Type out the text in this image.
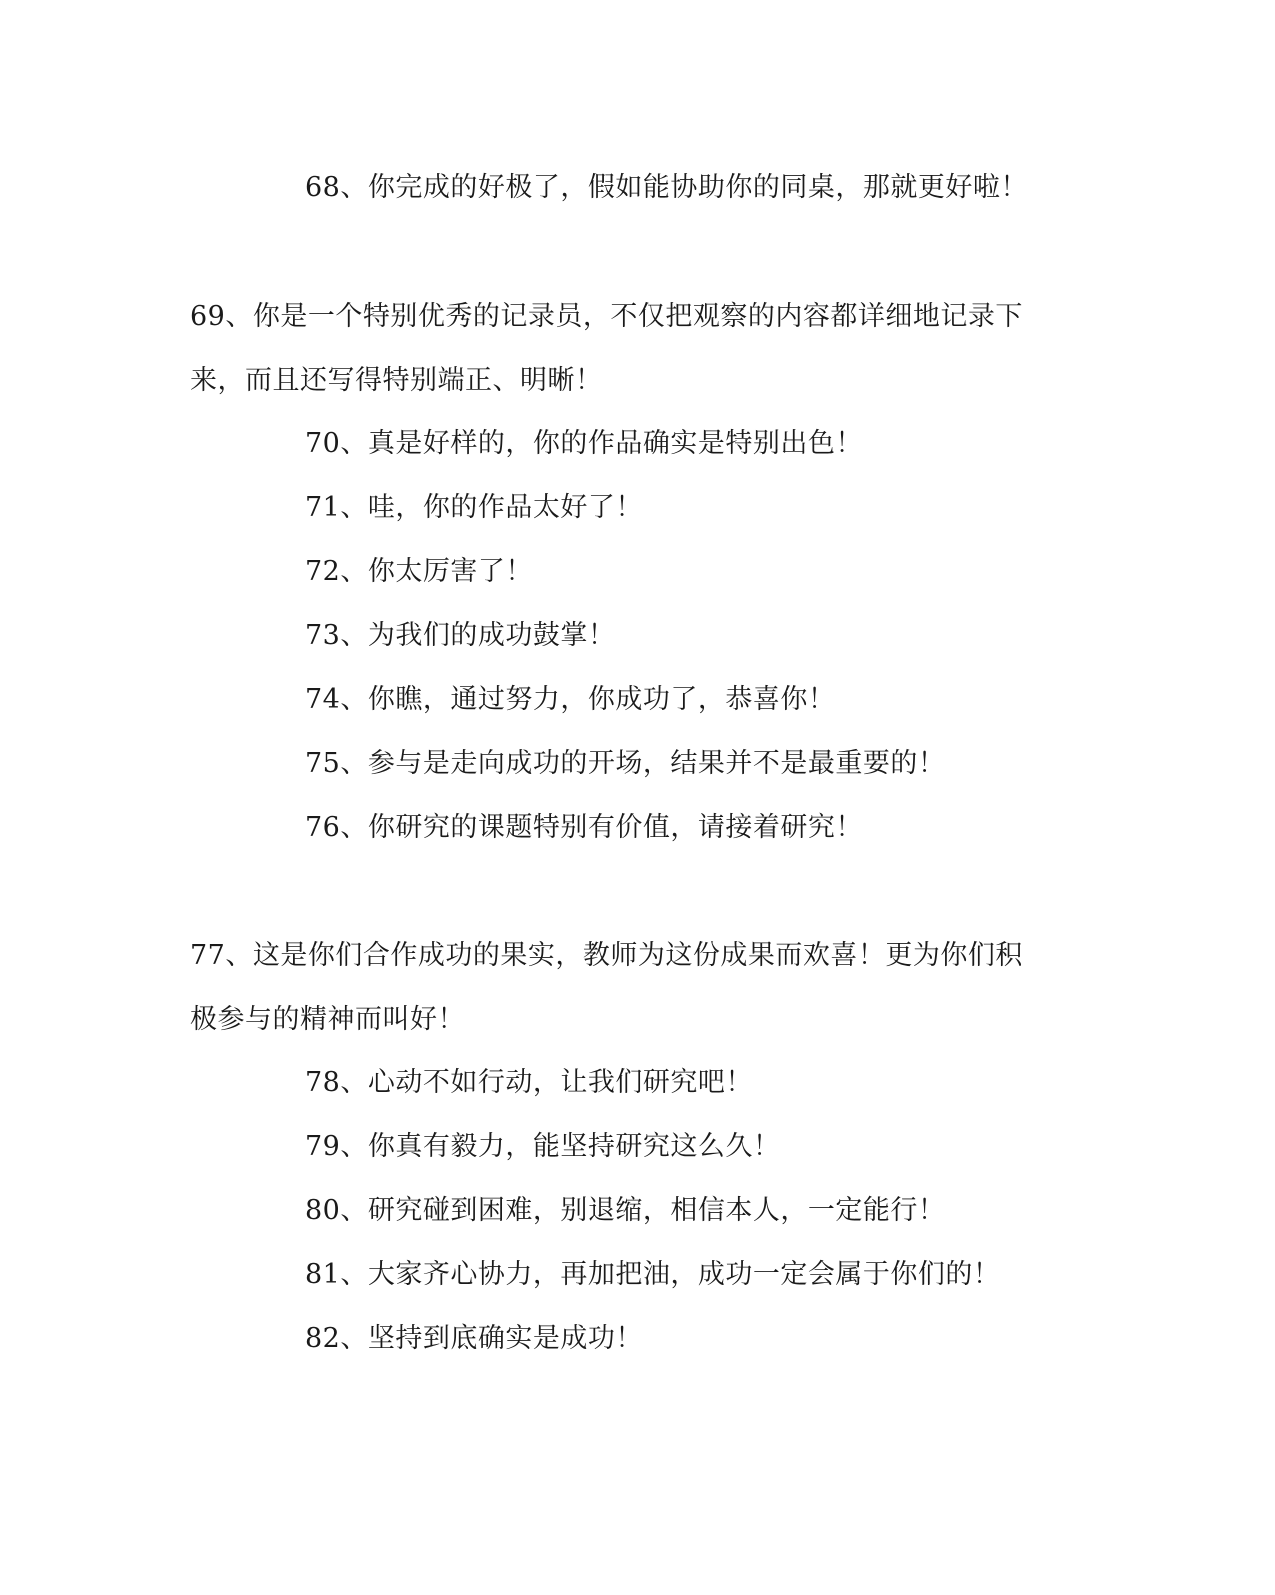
68、你完成的好极了，假如能协助你的同桌，那就更好啦！
69、你是一个特别优秀的记录员，不仅把观察的内容都详细地记录下
来，而且还写得特别端正、明晰！
70、真是好样的，你的作品确实是特别出色！
71、哇，你的作品太好了！
72、你太厉害了！
73、为我们的成功鼓掌！
74、你瞧，通过努力，你成功了，恭喜你！
75、参与是走向成功的开场，结果并不是最重要的！
76、你研究的课题特别有价值，请接着研究！
77、这是你们合作成功的果实，教师为这份成果而欢喜！更为你们积
极参与的精神而叫好！
78、心动不如行动，让我们研究吧！
79、你真有毅力，能坚持研究这么久！
80、研究碰到困难，别退缩，相信本人，一定能行！
81、大家齐心协力，再加把油，成功一定会属于你们的！
82、坚持到底确实是成功！
